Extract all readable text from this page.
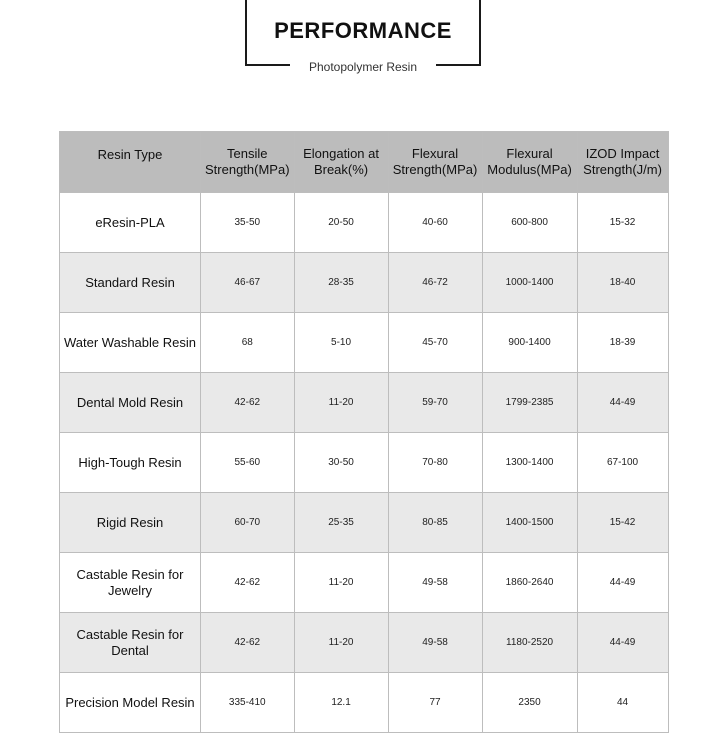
PERFORMANCE
Photopolymer Resin
Resin Type	Tensile Strength(MPa)	Elongation at Break(%)	Flexural Strength(MPa)	Flexural Modulus(MPa)	IZOD Impact Strength(J/m)
eResin-PLA	35-50	20-50	40-60	600-800	15-32
Standard Resin	46-67	28-35	46-72	1000-1400	18-40
Water Washable Resin	68	5-10	45-70	900-1400	18-39
Dental Mold Resin	42-62	11-20	59-70	1799-2385	44-49
High-Tough Resin	55-60	30-50	70-80	1300-1400	67-100
Rigid Resin	60-70	25-35	80-85	1400-1500	15-42
Castable Resin for Jewelry	42-62	11-20	49-58	1860-2640	44-49
Castable Resin for Dental	42-62	11-20	49-58	1180-2520	44-49
Precision Model Resin	335-410	12.1	77	2350	44
